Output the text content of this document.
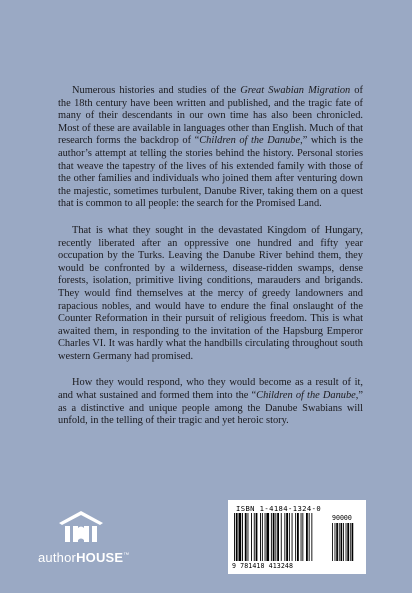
Numerous histories and studies of the Great Swabian Migration of the 18th century have been written and published, and the tragic fate of many of their descendants in our own time has also been chronicled. Most of these are available in languages other than English. Much of that research forms the backdrop of “Children of the Danube,” which is the author’s attempt at telling the stories behind the history. Personal stories that weave the tapestry of the lives of his extended family with those of the other families and individuals who joined them after venturing down the majestic, sometimes turbulent, Danube River, taking them on a quest that is common to all people: the search for the Promised Land.

That is what they sought in the devastated Kingdom of Hungary, recently liberated after an oppressive one hundred and fifty year occupation by the Turks. Leaving the Danube River behind them, they would be confronted by a wilderness, disease-ridden swamps, dense forests, isolation, primitive living conditions, marauders and brigands. They would find themselves at the mercy of greedy landowners and rapacious nobles, and would have to endure the final onslaught of the Counter Reformation in their pursuit of religious freedom. This is what awaited them, in responding to the invitation of the Hapsburg Emperor Charles VI. It was hardly what the handbills circulating throughout south western Germany had promised.

How they would respond, who they would become as a result of it, and what sustained and formed them into the “Children of the Danube,” as a distinctive and unique people among the Danube Swabians will unfold, in the telling of their tragic and yet heroic story.

authorHOUSE™
ISBN 1-4184-1324-0
9 781418 413248
90000
